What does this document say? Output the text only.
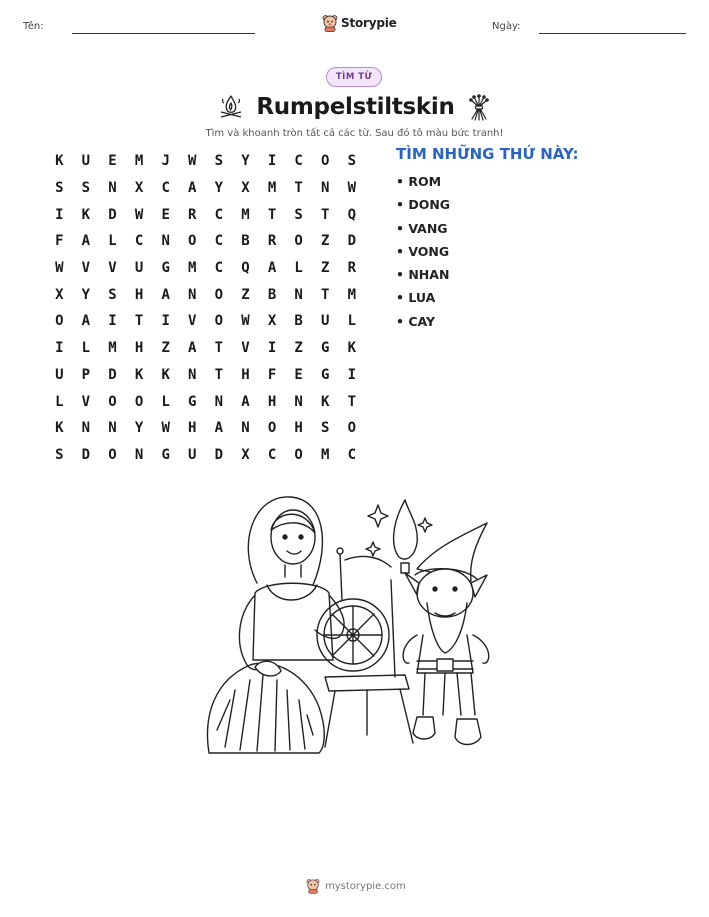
Tên:	Storypie	Ngày:
TÌM TỪ
Rumpelstiltskin
Tìm và khoanh tròn tất cả các từ. Sau đó tô màu bức tranh!
K	U	E	M	J	W	S	Y	I	C	O	S
S	S	N	X	C	A	Y	X	M	T	N	W
I	K	D	W	E	R	C	M	T	S	T	Q
F	A	L	C	N	O	C	B	R	O	Z	D
W	V	V	U	G	M	C	Q	A	L	Z	R
X	Y	S	H	A	N	O	Z	B	N	T	M
O	A	I	T	I	V	O	W	X	B	U	L
I	L	M	H	Z	A	T	V	I	Z	G	K
U	P	D	K	K	N	T	H	F	E	G	I
L	V	O	O	L	G	N	A	H	N	K	T
K	N	N	Y	W	H	A	N	O	H	S	O
S	D	O	N	G	U	D	X	C	O	M	C
TÌM NHỮNG THỨ NÀY:
• ROM
• DONG
• VANG
• VONG
• NHAN
• LUA
• CAY
mystorypie.com
